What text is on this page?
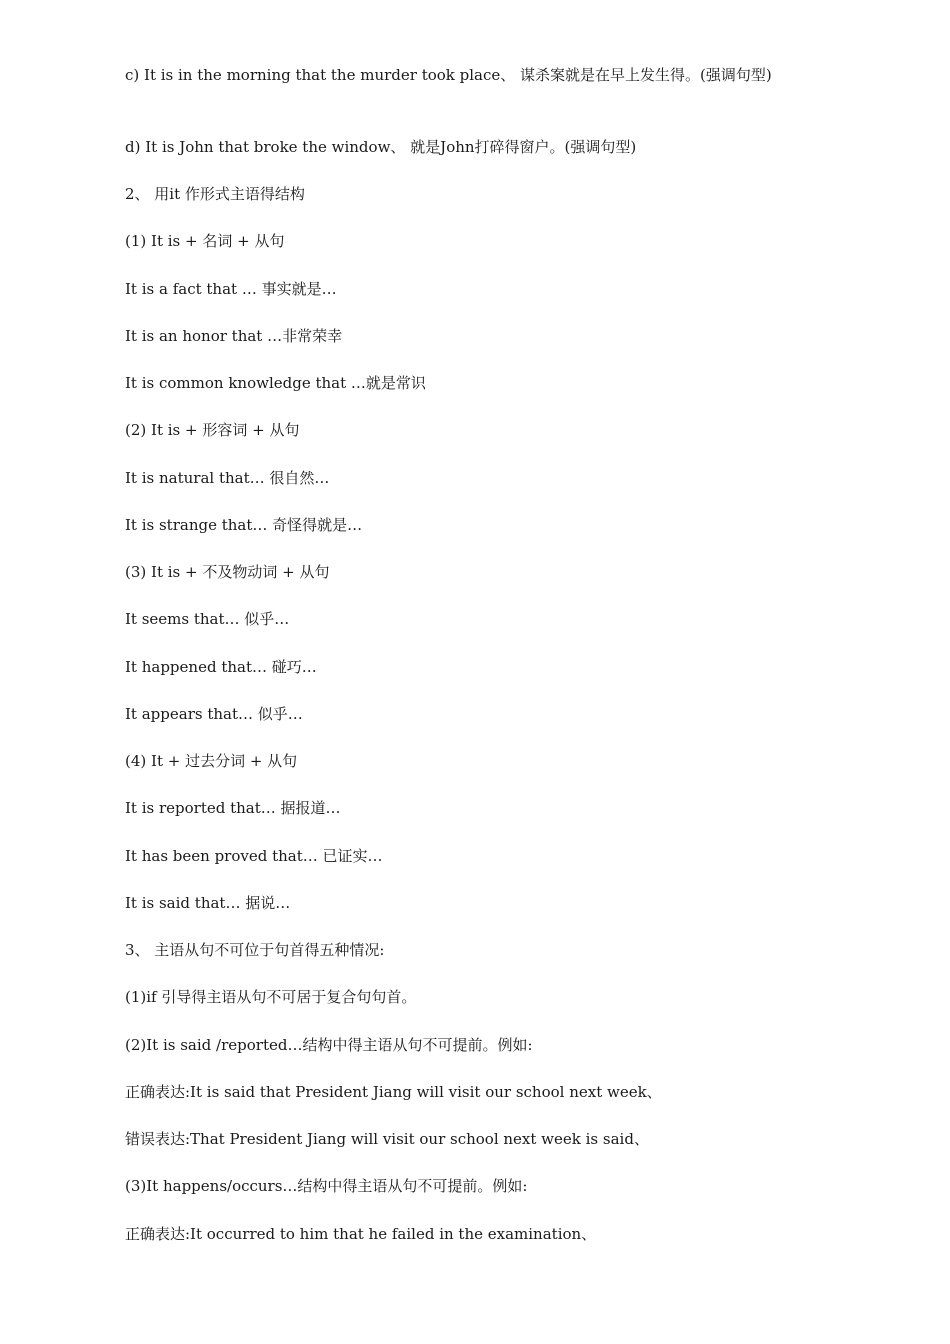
c) It is in the morning that the murder took place、 谋杀案就是在早上发生得。(强调句型)
d) It is John that broke the window、 就是John打碎得窗户。(强调句型)
2、 用it 作形式主语得结构
(1) It is + 名词 + 从句
It is a fact that … 事实就是…
It is an honor that …非常荣幸
It is common knowledge that …就是常识
(2) It is + 形容词 + 从句
It is natural that… 很自然…
It is strange that… 奇怪得就是…
(3) It is + 不及物动词 + 从句
It seems that… 似乎…
It happened that… 碰巧…
It appears that… 似乎…
(4) It + 过去分词 + 从句
It is reported that… 据报道…
It has been proved that… 已证实…
It is said that… 据说…
3、 主语从句不可位于句首得五种情况:
(1)if 引导得主语从句不可居于复合句句首。
(2)It is said /reported…结构中得主语从句不可提前。例如:
正确表达:It is said that President Jiang will visit our school next week、
错误表达:That President Jiang will visit our school next week is said、
(3)It happens/occurs…结构中得主语从句不可提前。例如:
正确表达:It occurred to him that he failed in the examination、
